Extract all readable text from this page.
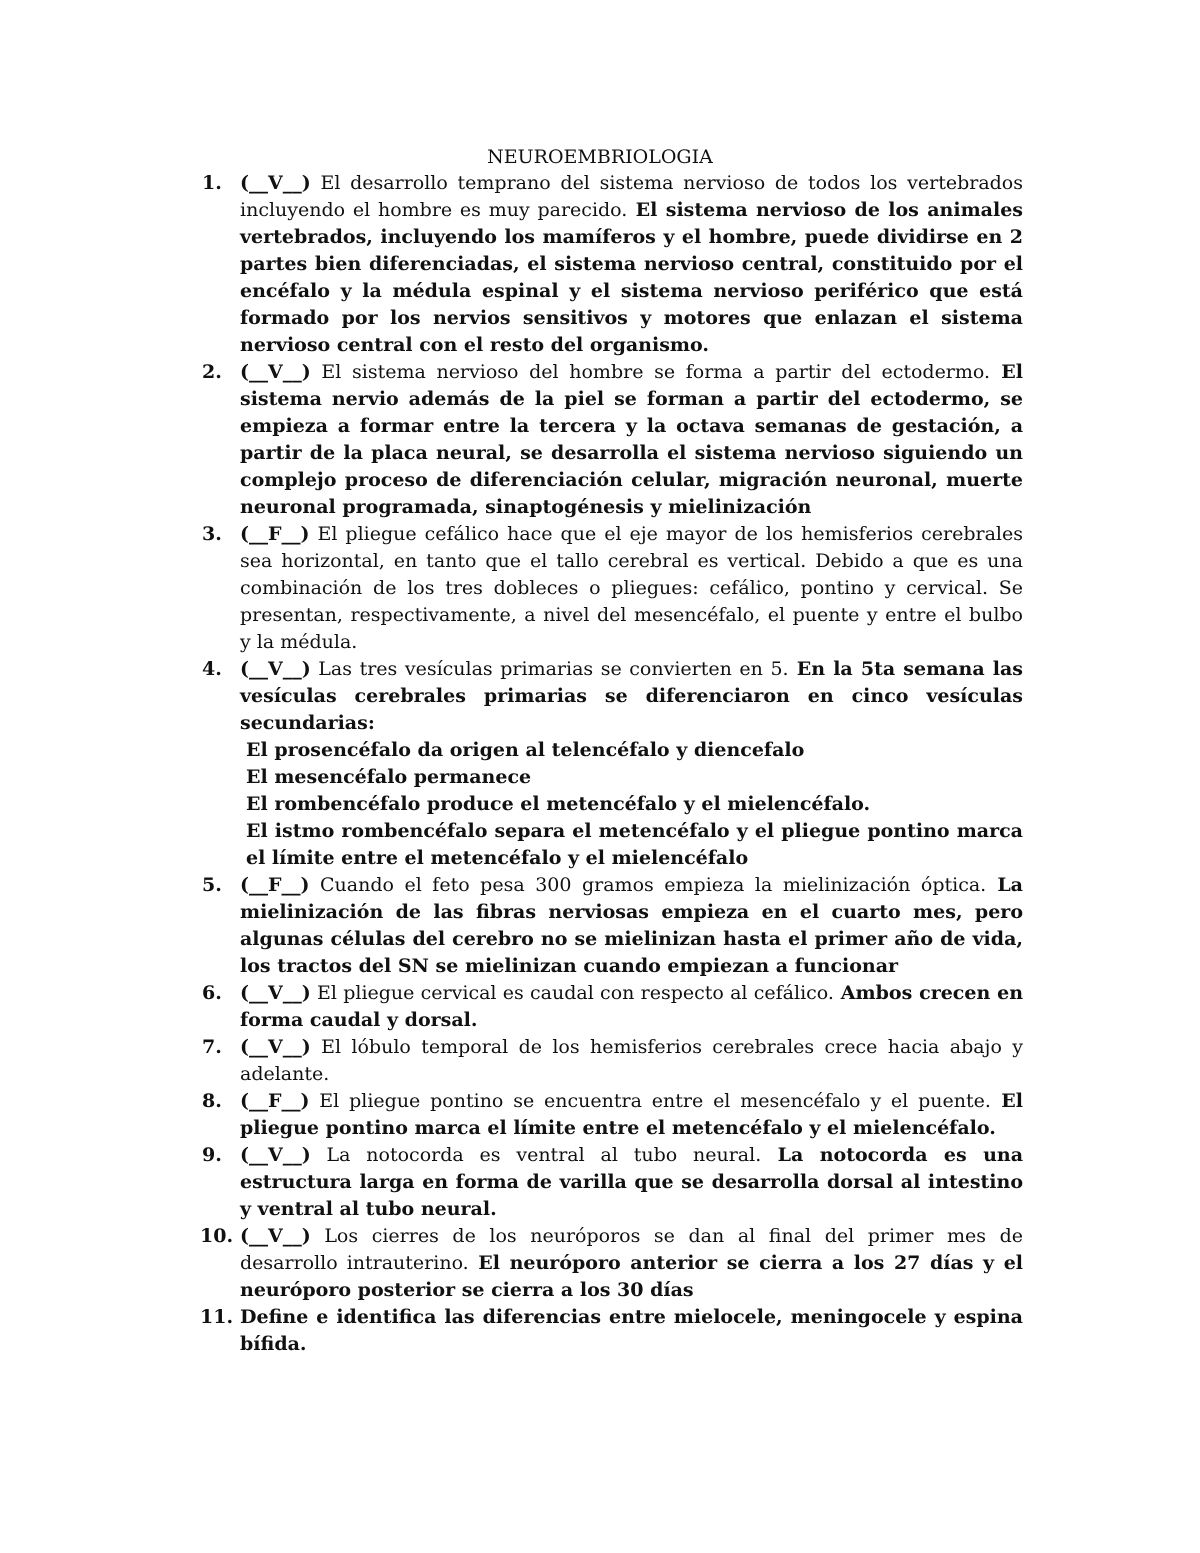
NEUROEMBRIOLOGIA
1. (__V__) El desarrollo temprano del sistema nervioso de todos los vertebrados incluyendo el hombre es muy parecido. El sistema nervioso de los animales vertebrados, incluyendo los mamíferos y el hombre, puede dividirse en 2 partes bien diferenciadas, el sistema nervioso central, constituido por el encéfalo y la médula espinal y el sistema nervioso periférico que está formado por los nervios sensitivos y motores que enlazan el sistema nervioso central con el resto del organismo.
2. (__V__) El sistema nervioso del hombre se forma a partir del ectodermo. El sistema nervio además de la piel se forman a partir del ectodermo, se empieza a formar entre la tercera y la octava semanas de gestación, a partir de la placa neural, se desarrolla el sistema nervioso siguiendo un complejo proceso de diferenciación celular, migración neuronal, muerte neuronal programada, sinaptogénesis y mielinización
3. (__F__) El pliegue cefálico hace que el eje mayor de los hemisferios cerebrales sea horizontal, en tanto que el tallo cerebral es vertical. Debido a que es una combinación de los tres dobleces o pliegues: cefálico, pontino y cervical. Se presentan, respectivamente, a nivel del mesencéfalo, el puente y entre el bulbo y la médula.
4. (__V__) Las tres vesículas primarias se convierten en 5. En la 5ta semana las vesículas cerebrales primarias se diferenciaron en cinco vesículas secundarias:
El prosencéfalo da origen al telencéfalo y diencefalo
El mesencéfalo permanece
El rombencéfalo produce el metencéfalo y el mielencéfalo.
El istmo rombencéfalo separa el metencéfalo y el pliegue pontino marca el límite entre el metencéfalo y el mielencéfalo
5. (__F__) Cuando el feto pesa 300 gramos empieza la mielinización óptica. La mielinización de las fibras nerviosas empieza en el cuarto mes, pero algunas células del cerebro no se mielinizan hasta el primer año de vida, los tractos del SN se mielinizan cuando empiezan a funcionar
6. (__V__) El pliegue cervical es caudal con respecto al cefálico. Ambos crecen en forma caudal y dorsal.
7. (__V__) El lóbulo temporal de los hemisferios cerebrales crece hacia abajo y adelante.
8. (__F__) El pliegue pontino se encuentra entre el mesencéfalo y el puente. El pliegue pontino marca el límite entre el metencéfalo y el mielencéfalo.
9. (__V__) La notocorda es ventral al tubo neural. La notocorda es una estructura larga en forma de varilla que se desarrolla dorsal al intestino y ventral al tubo neural.
10. (__V__) Los cierres de los neuróporos se dan al final del primer mes de desarrollo intrauterino. El neuróporo anterior se cierra a los 27 días y el neuróporo posterior se cierra a los 30 días
11. Define e identifica las diferencias entre mielocele, meningocele y espina bífida.
